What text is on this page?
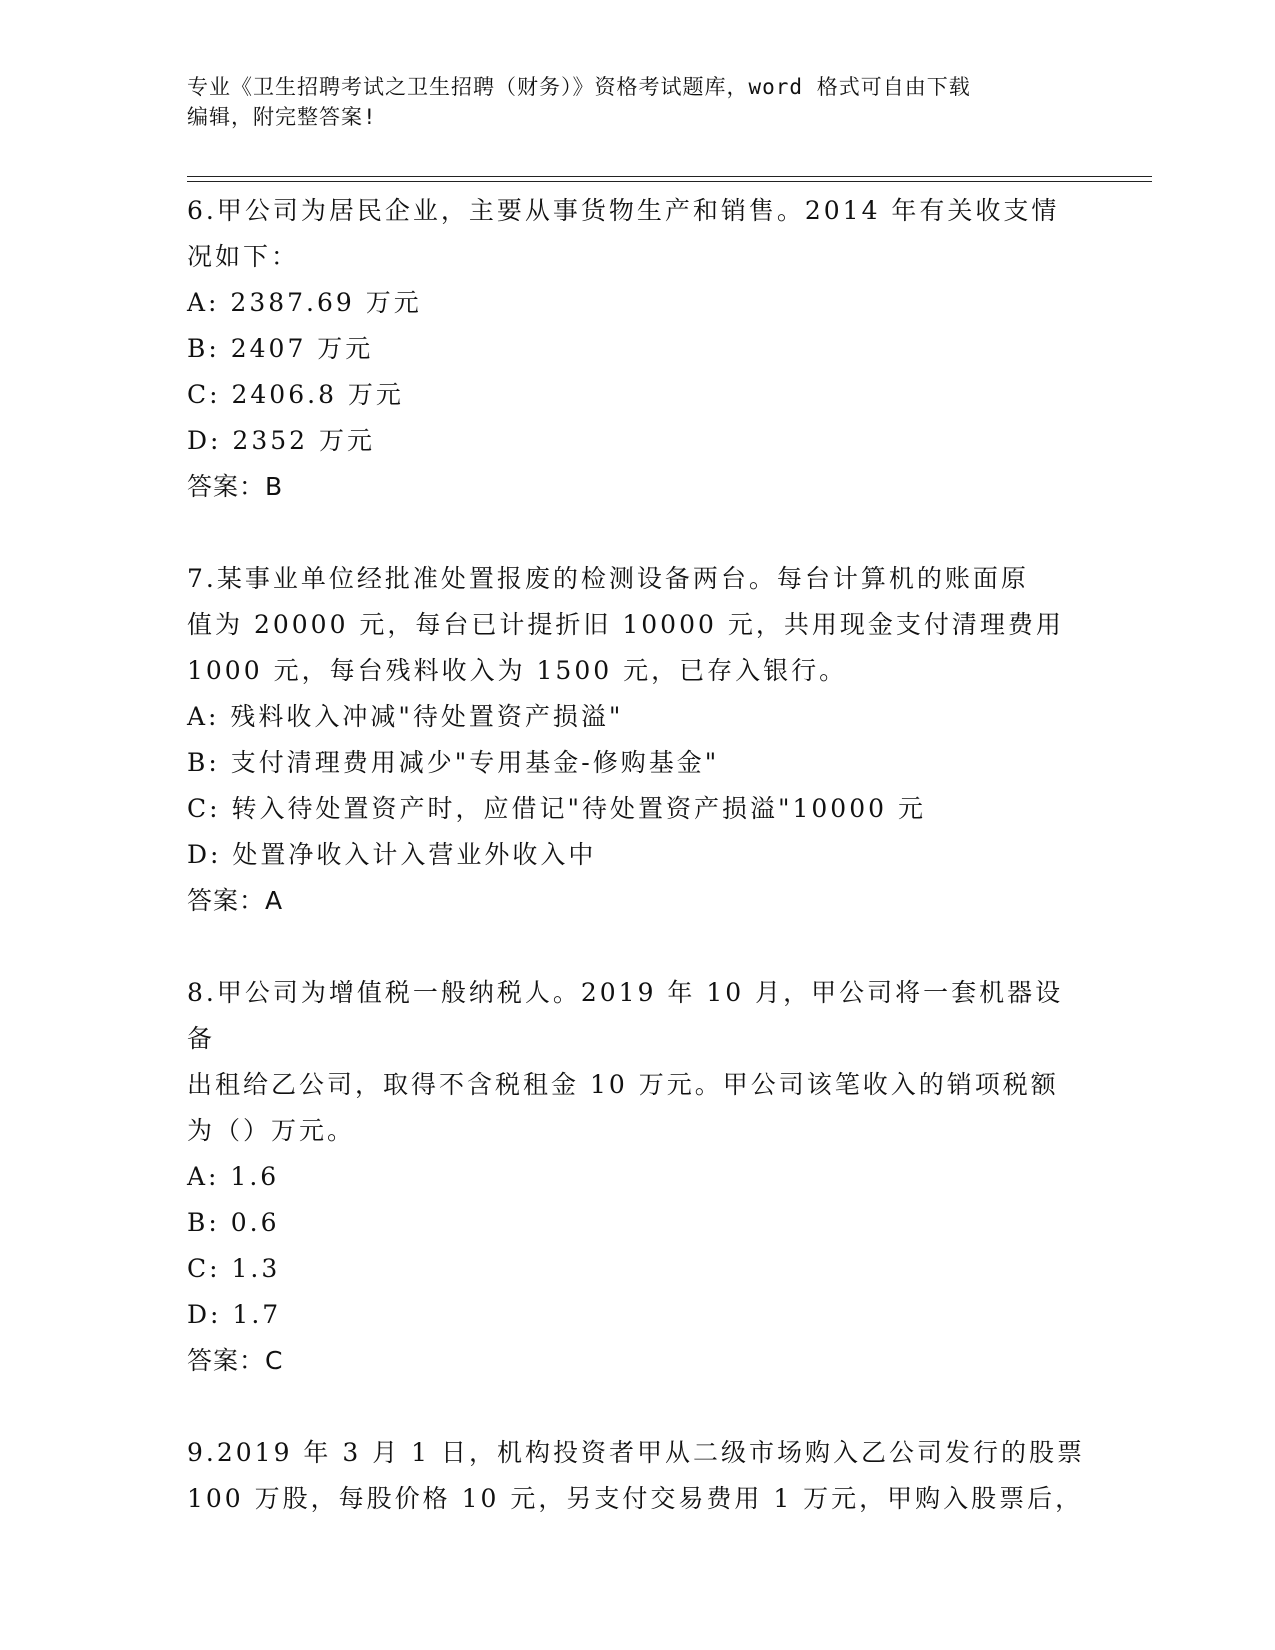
专业《卫生招聘考试之卫生招聘（财务）》资格考试题库，word 格式可自由下载
编辑，附完整答案!

6.甲公司为居民企业，主要从事货物生产和销售。2014 年有关收支情

况如下：

A: 2387.69 万元

B: 2407 万元

C: 2406.8 万元

D: 2352 万元

答案：B

7.某事业单位经批准处置报废的检测设备两台。每台计算机的账面原

值为 20000 元，每台已计提折旧 10000 元，共用现金支付清理费用

1000 元，每台残料收入为 1500 元，已存入银行。

A: 残料收入冲减"待处置资产损溢"

B: 支付清理费用减少"专用基金-修购基金"

C: 转入待处置资产时，应借记"待处置资产损溢"10000 元

D: 处置净收入计入营业外收入中

答案：A

8.甲公司为增值税一般纳税人。2019 年 10 月，甲公司将一套机器设备

出租给乙公司，取得不含税租金 10 万元。甲公司该笔收入的销项税额

为（）万元。

A: 1.6

B: 0.6

C: 1.3

D: 1.7

答案：C

9.2019 年 3 月 1 日，机构投资者甲从二级市场购入乙公司发行的股票

100 万股，每股价格 10 元，另支付交易费用 1 万元，甲购入股票后，
